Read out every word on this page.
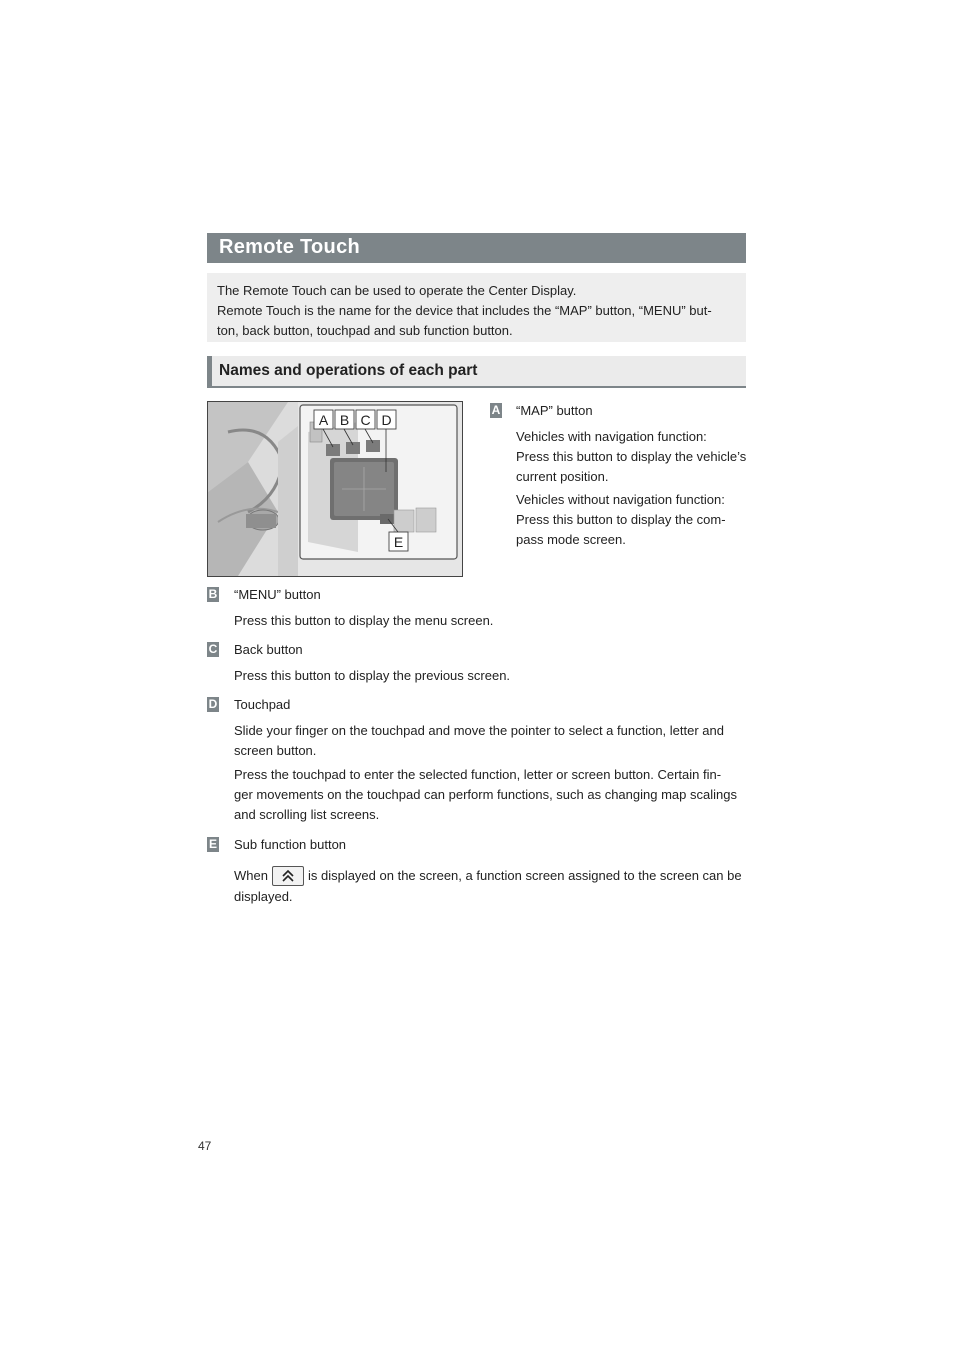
47
Remote Touch
The Remote Touch can be used to operate the Center Display.
Remote Touch is the name for the device that includes the “MAP” button, “MENU” but-
ton, back button, touchpad and sub function button.
Names and operations of each part
A B C D
E
A “MAP” button
Vehicles with navigation function:
Press this button to display the vehicle’s
current position.
Vehicles without navigation function:
Press this button to display the com-
pass mode screen.
B “MENU” button
Press this button to display the menu screen.
C Back button
Press this button to display the previous screen.
D Touchpad
Slide your finger on the touchpad and move the pointer to select a function, letter and
screen button.
Press the touchpad to enter the selected function, letter or screen button. Certain fin-
ger movements on the touchpad can perform functions, such as changing map scalings
and scrolling list screens.
E Sub function button
When	is displayed on the screen, a function screen assigned to the screen can be
displayed.
